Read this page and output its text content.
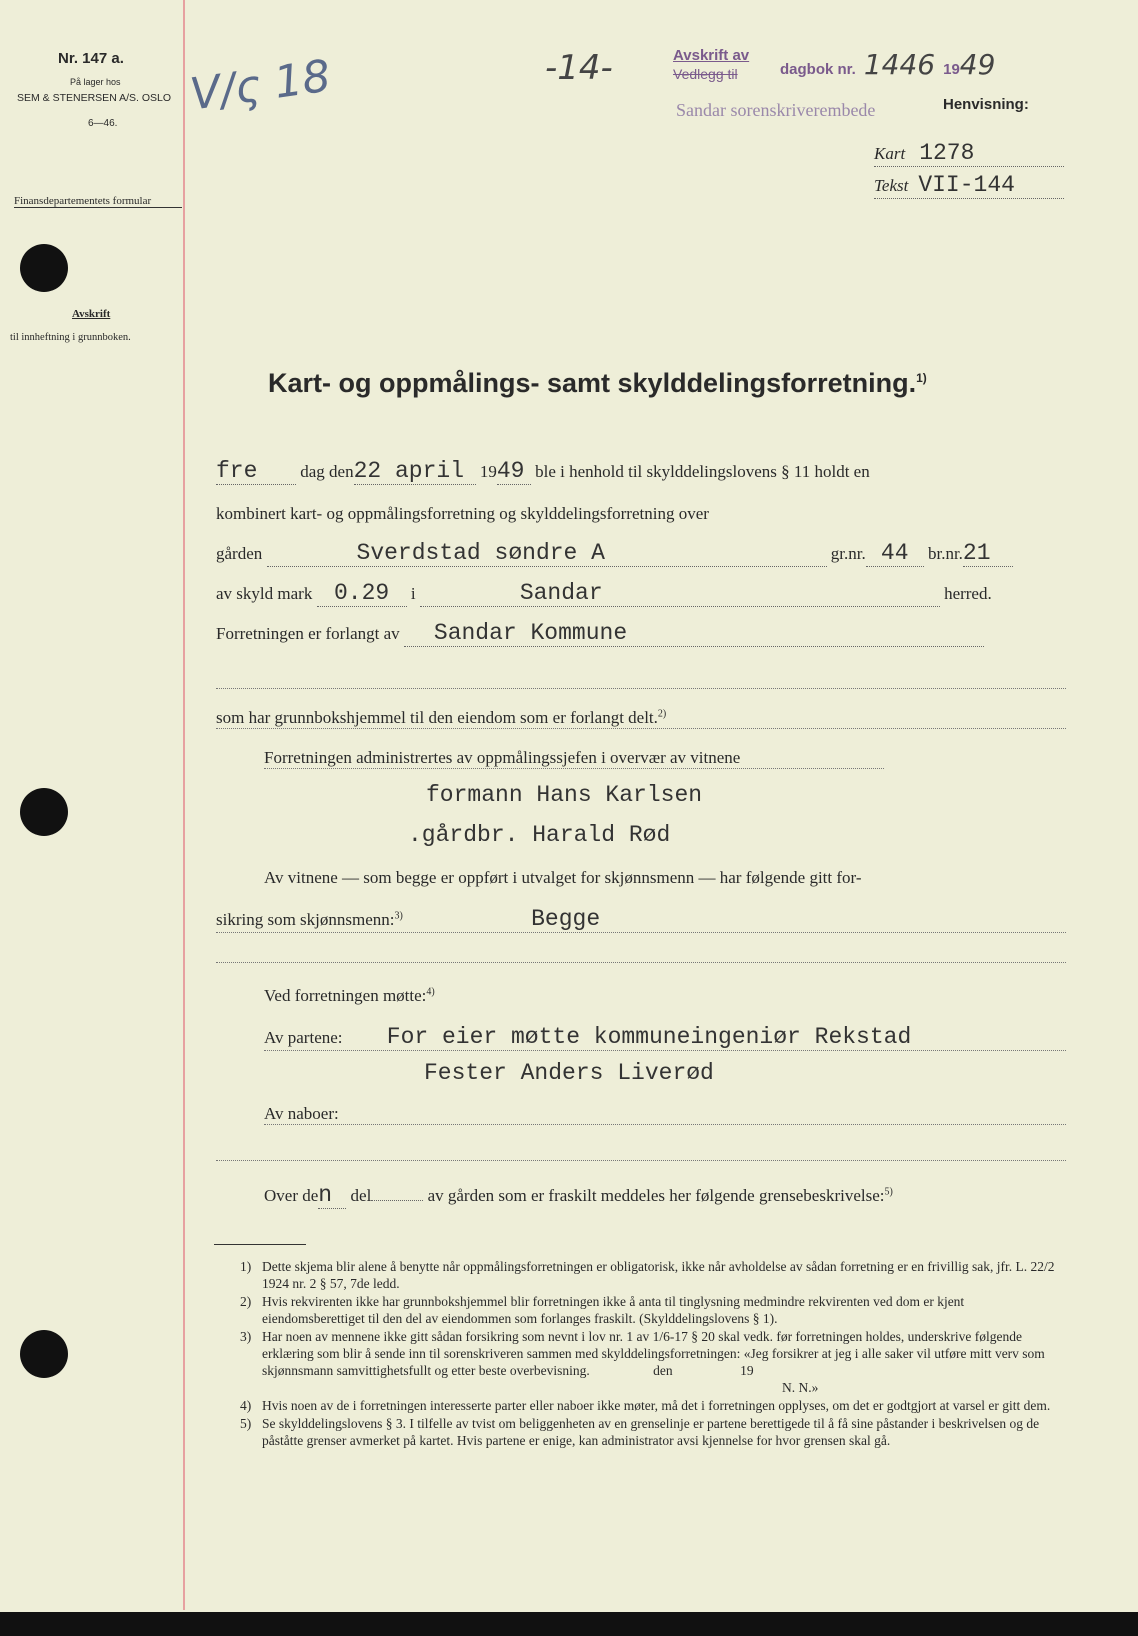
Nr. 147 a.
På lager hos
SEM & STENERSEN A/S. OSLO
6—46.
Finansdepartementets formular
Avskrift
til innheftning i grunnboken.
V/ς 18	-14-	Avskrift av
Vedlegg til	dagbok nr. 1446 1949
Sandar sorenskriverembede	Henvisning:
Kart 1278
Tekst VII-144
Kart- og oppmålings- samt skylddelingsforretning.$^{1)}$
fre	dag den22 april 1949 ble i henhold til skylddelingslovens § 11 holdt en
kombinert kart- og oppmålingsforretning og skylddelingsforretning over
gården	Sverdstad søndre A	gr.nr. 44 br.nr.21
av skyld mark 0.29 i	Sandar	herred.
Forretningen er forlangt av Sandar Kommune
som har grunnbokshjemmel til den eiendom som er forlangt delt.$^{2)}$
Forretningen administrertes av oppmålingssjefen i overvær av vitnene
formann Hans Karlsen
.gårdbr. Harald Rød
Av vitnene — som begge er oppført i utvalget for skjønnsmenn — har følgende gitt for-
sikring som skjønnsmenn:$^{3)}$	Begge
Ved forretningen møtte:$^{4)}$
Av partene: For eier møtte kommuneingeniør Rekstad
Fester Anders Liverød
Av naboer:
Over den del	av gården som er fraskilt meddeles her følgende grensebeskrivelse:$^{5)}$
1) Dette skjema blir alene å benytte når oppmålingsforretningen er obligatorisk, ikke når avholdelse av sådan forretning er en frivillig sak, jfr. L. 22/2 1924 nr. 2 § 57, 7de ledd.
2) Hvis rekvirenten ikke har grunnbokshjemmel blir forretningen ikke å anta til tinglysning medmindre rekvirenten ved dom er kjent eiendomsberettiget til den del av eiendommen som forlanges fraskilt. (Skylddelingslovens § 1).
3) Har noen av mennene ikke gitt sådan forsikring som nevnt i lov nr. 1 av 1/6-17 § 20 skal vedk. før forretningen holdes, underskrive følgende erklæring som blir å sende inn til sorenskriveren sammen med skylddelingsforretningen: «Jeg forsikrer at jeg i alle saker vil utføre mitt verv som skjønnsmann samvittighetsfullt og etter beste overbevisning.	den                    19
N. N.»
4) Hvis noen av de i forretningen interesserte parter eller naboer ikke møter, må det i forretningen opplyses, om det er godtgjort at varsel er gitt dem.
5) Se skylddelingslovens § 3. I tilfelle av tvist om beliggenheten av en grenselinje er partene berettigede til å få sine påstander i beskrivelsen og de påståtte grenser avmerket på kartet. Hvis partene er enige, kan administrator avsi kjennelse for hvor grensen skal gå.
